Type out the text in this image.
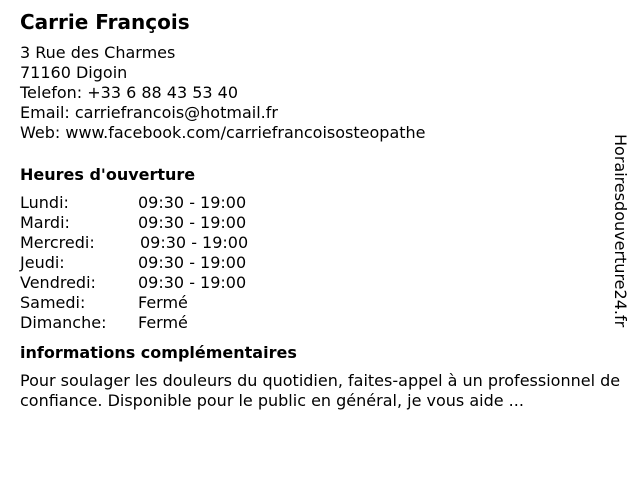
Carrie François
3 Rue des Charmes
71160 Digoin
Telefon: +33 6 88 43 53 40
Email: carriefrancois@hotmail.fr
Web: www.facebook.com/carriefrancoisosteopathe
Heures d'ouverture
Lundi:	09:30 - 19:00
Mardi:	09:30 - 19:00
Mercredi:	09:30 - 19:00
Jeudi:	09:30 - 19:00
Vendredi:	09:30 - 19:00
Samedi:	Fermé
Dimanche:	Fermé
informations complémentaires
Pour soulager les douleurs du quotidien, faites-appel à un professionnel de confiance. Disponible pour le public en général, je vous aide ...
Horairesdouverture24.fr
